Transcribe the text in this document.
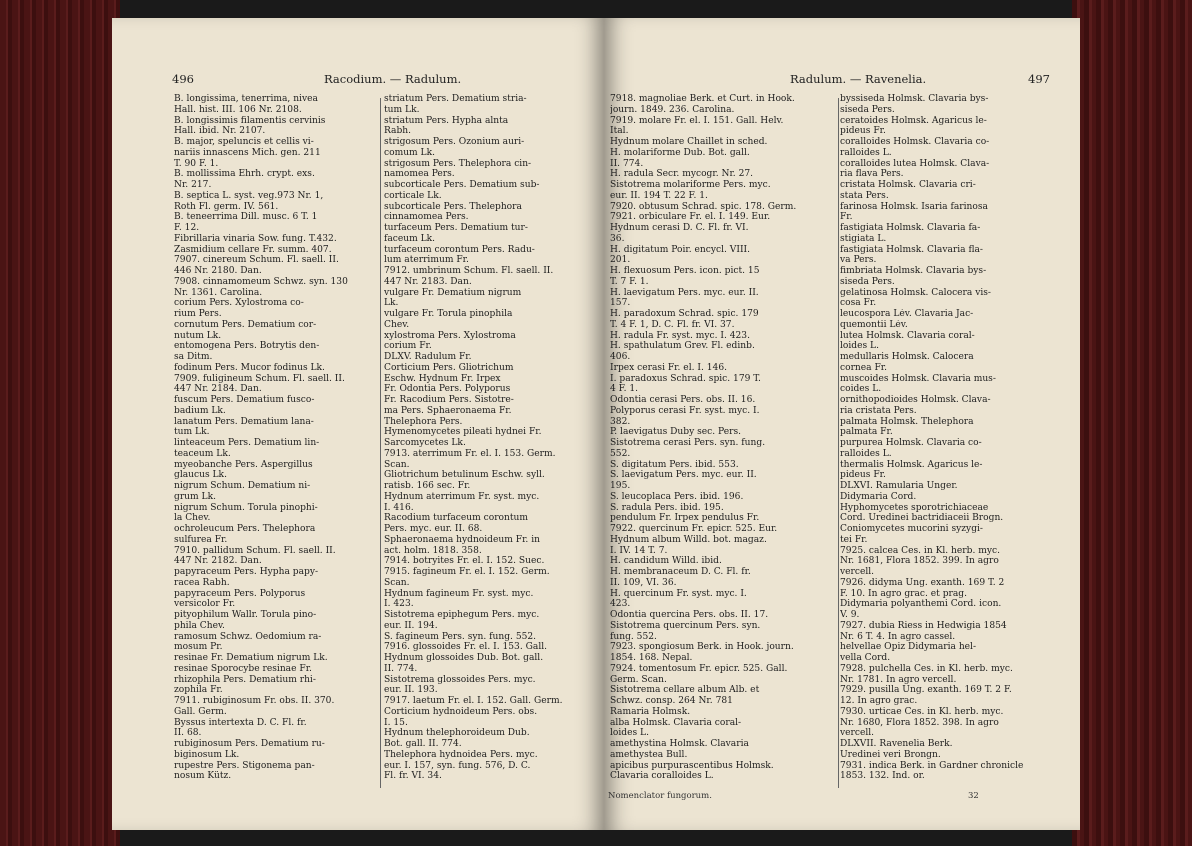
496	Racodium. — Radulum.
B. longissima, tenerrima, nivea
Hall. hist. III. 106 Nr. 2108.
B. longissimis filamentis cervinis
Hall. ibid. Nr. 2107.
B. major, speluncis et cellis vi-
nariis innascens Mich. gen. 211
T. 90 F. 1.
B. mollissima Ehrh. crypt. exs.
Nr. 217.
B. septica L. syst. veg.973 Nr. 1,
Roth Fl. germ. IV. 561.
B. teneerrima Dill. musc. 6 T. 1
F. 12.
Fibrillaria vinaria Sow. fung. T.432.
Zasmidium cellare Fr. summ. 407.
7907. cinereum Schum. Fl. saell. II.
446 Nr. 2180. Dan.
7908. cinnamomeum Schwz. syn. 130
Nr. 1361. Carolina.
corium Pers. Xylostroma co-
rium Pers.
cornutum Pers. Dematium cor-
nutum Lk.
entomogena Pers. Botrytis den-
sa Ditm.
fodinum Pers. Mucor fodinus Lk.
7909. fuligineum Schum. Fl. saell. II.
447 Nr. 2184. Dan.
fuscum Pers. Dematium fusco-
badium Lk.
lanatum Pers. Dematium lana-
tum Lk.
linteaceum Pers. Dematium lin-
teaceum Lk.
myeobanche Pers. Aspergillus
glaucus Lk.
nigrum Schum. Dematium ni-
grum Lk.
nigrum Schum. Torula pinophi-
la Chev.
ochroleucum Pers. Thelephora
sulfurea Fr.
7910. pallidum Schum. Fl. saell. II.
447 Nr. 2182. Dan.
papyraceum Pers. Hypha papy-
racea Rabh.
papyraceum Pers. Polyporus
versicolor Fr.
pityophilum Wallr. Torula pino-
phila Chev.
ramosum Schwz. Oedomium ra-
mosum Pr.
resinae Fr. Dematium nigrum Lk.
resinae Sporocybe resinae Fr.
rhizophila Pers. Dematium rhi-
zophila Fr.
7911. rubiginosum Fr. obs. II. 370.
Gall. Germ.
Byssus intertexta D. C. Fl. fr.
II. 68.
rubiginosum Pers. Dematium ru-
biginosum Lk.
rupestre Pers. Stigonema pan-
nosum Kütz.
striatum Pers. Dematium stria-
tum Lk.
striatum Pers. Hypha alnta
Rabh.
strigosum Pers. Ozonium auri-
comum Lk.
strigosum Pers. Thelephora cin-
namomea Pers.
subcorticale Pers. Dematium sub-
corticale Lk.
subcorticale Pers. Thelephora
cinnamomea Pers.
turfaceum Pers. Dematium tur-
faceum Lk.
turfaceum corontum Pers. Radu-
lum aterrimum Fr.
7912. umbrinum Schum. Fl. saell. II.
447 Nr. 2183. Dan.
vulgare Fr. Dematium nigrum
Lk.
vulgare Fr. Torula pinophila
Chev.
xylostroma Pers. Xylostroma
corium Fr.
DLXV. Radulum Fr.
Corticium Pers. Gliotrichum
Eschw. Hydnum Fr. Irpex
Fr. Odontia Pers. Polyporus
Fr. Racodium Pers. Sistotre-
ma Pers. Sphaeronaema Fr.
Thelephora Pers.
Hymenomycetes pileati hydnei Fr.
Sarcomycetes Lk.
7913. aterrimum Fr. el. I. 153. Germ.
Scan.
Gliotrichum betulinum Eschw. syll.
ratisb. 166 sec. Fr.
Hydnum aterrimum Fr. syst. myc.
I. 416.
Racodium turfaceum corontum
Pers. myc. eur. II. 68.
Sphaeronaema hydnoideum Fr. in
act. holm. 1818. 358.
7914. botryites Fr. el. I. 152. Suec.
7915. fagineum Fr. el. I. 152. Germ.
Scan.
Hydnum fagineum Fr. syst. myc.
I. 423.
Sistotrema epiphegum Pers. myc.
eur. II. 194.
S. fagineum Pers. syn. fung. 552.
7916. glossoides Fr. el. I. 153. Gall.
Hydnum glossoides Dub. Bot. gall.
II. 774.
Sistotrema glossoides Pers. myc.
eur. II. 193.
7917. laetum Fr. el. I. 152. Gall. Germ.
Corticium hydnoideum Pers. obs.
I. 15.
Hydnum thelephoroideum Dub.
Bot. gall. II. 774.
Thelephora hydnoidea Pers. myc.
eur. I. 157, syn. fung. 576, D. C.
Fl. fr. VI. 34.
Radulum. — Ravenelia.	497
7918. magnoliae Berk. et Curt. in Hook.
journ. 1849. 236. Carolina.
7919. molare Fr. el. I. 151. Gall. Helv.
Ital.
Hydnum molare Chaillet in sched.
H. molariforme Dub. Bot. gall.
II. 774.
H. radula Secr. mycogr. Nr. 27.
Sistotrema molariforme Pers. myc.
eur. II. 194 T. 22 F. 1.
7920. obtusum Schrad. spic. 178. Germ.
7921. orbiculare Fr. el. I. 149. Eur.
Hydnum cerasi D. C. Fl. fr. VI.
36.
H. digitatum Poir. encycl. VIII.
201.
H. flexuosum Pers. icon. pict. 15
T. 7 F. 1.
H. laevigatum Pers. myc. eur. II.
157.
H. paradoxum Schrad. spic. 179
T. 4 F. 1, D. C. Fl. fr. VI. 37.
H. radula Fr. syst. myc. I. 423.
H. spathulatum Grev. Fl. edinb.
406.
Irpex cerasi Fr. el. I. 146.
I. paradoxus Schrad. spic. 179 T.
4 F. 1.
Odontia cerasi Pers. obs. II. 16.
Polyporus cerasi Fr. syst. myc. I.
382.
P. laevigatus Duby sec. Pers.
Sistotrema cerasi Pers. syn. fung.
552.
S. digitatum Pers. ibid. 553.
S. laevigatum Pers. myc. eur. II.
195.
S. leucoplaca Pers. ibid. 196.
S. radula Pers. ibid. 195.
pendulum Fr. Irpex pendulus Fr.
7922. quercinum Fr. epicr. 525. Eur.
Hydnum album Willd. bot. magaz.
I. IV. 14 T. 7.
H. candidum Willd. ibid.
H. membranaceum D. C. Fl. fr.
II. 109, VI. 36.
H. quercinum Fr. syst. myc. I.
423.
Odontia quercina Pers. obs. II. 17.
Sistotrema quercinum Pers. syn.
fung. 552.
7923. spongiosum Berk. in Hook. journ.
1854. 168. Nepal.
7924. tomentosum Fr. epicr. 525. Gall.
Germ. Scan.
Sistotrema cellare album Alb. et
Schwz. consp. 264 Nr. 781
Ramaria Holmsk.
alba Holmsk. Clavaria coral-
loides L.
amethystina Holmsk. Clavaria
amethystea Bull.
apicibus purpurascentibus Holmsk.
Clavaria coralloides L.
byssiseda Holmsk. Clavaria bys-
siseda Pers.
ceratoides Holmsk. Agaricus le-
pideus Fr.
coralloides Holmsk. Clavaria co-
ralloides L.
coralloides lutea Holmsk. Clava-
ria flava Pers.
cristata Holmsk. Clavaria cri-
stata Pers.
farinosa Holmsk. Isaria farinosa
Fr.
fastigiata Holmsk. Clavaria fa-
stigiata L.
fastigiata Holmsk. Clavaria fla-
va Pers.
fimbriata Holmsk. Clavaria bys-
siseda Pers.
gelatinosa Holmsk. Calocera vis-
cosa Fr.
leucospora Lév. Clavaria Jac-
quemontii Lév.
lutea Holmsk. Clavaria coral-
loides L.
medullaris Holmsk. Calocera
cornea Fr.
muscoides Holmsk. Clavaria mus-
coides L.
ornithopodioides Holmsk. Clava-
ria cristata Pers.
palmata Holmsk. Thelephora
palmata Fr.
purpurea Holmsk. Clavaria co-
ralloides L.
thermalis Holmsk. Agaricus le-
pideus Fr.
DLXVI. Ramularia Unger.
Didymaria Cord.
Hyphomycetes sporotrichiaceae
Cord. Uredinei bactridiaceii Brogn.
Coniomycetes mucorini syzygi-
tei Fr.
7925. calcea Ces. in Kl. herb. myc.
Nr. 1681, Flora 1852. 399. In agro
vercell.
7926. didyma Ung. exanth. 169 T. 2
F. 10. In agro grac. et prag.
Didymaria polyanthemi Cord. icon.
V. 9.
7927. dubia Riess in Hedwigia 1854
Nr. 6 T. 4. In agro cassel.
helvellae Opiz Didymaria hel-
vella Cord.
7928. pulchella Ces. in Kl. herb. myc.
Nr. 1781. In agro vercell.
7929. pusilla Ung. exanth. 169 T. 2 F.
12. In agro grac.
7930. urticae Ces. in Kl. herb. myc.
Nr. 1680, Flora 1852. 398. In agro
vercell.
DLXVII. Ravenelia Berk.
Uredinei veri Brongn.
7931. indica Berk. in Gardner chronicle
1853. 132. Ind. or.
Nomenclator fungorum.	32
